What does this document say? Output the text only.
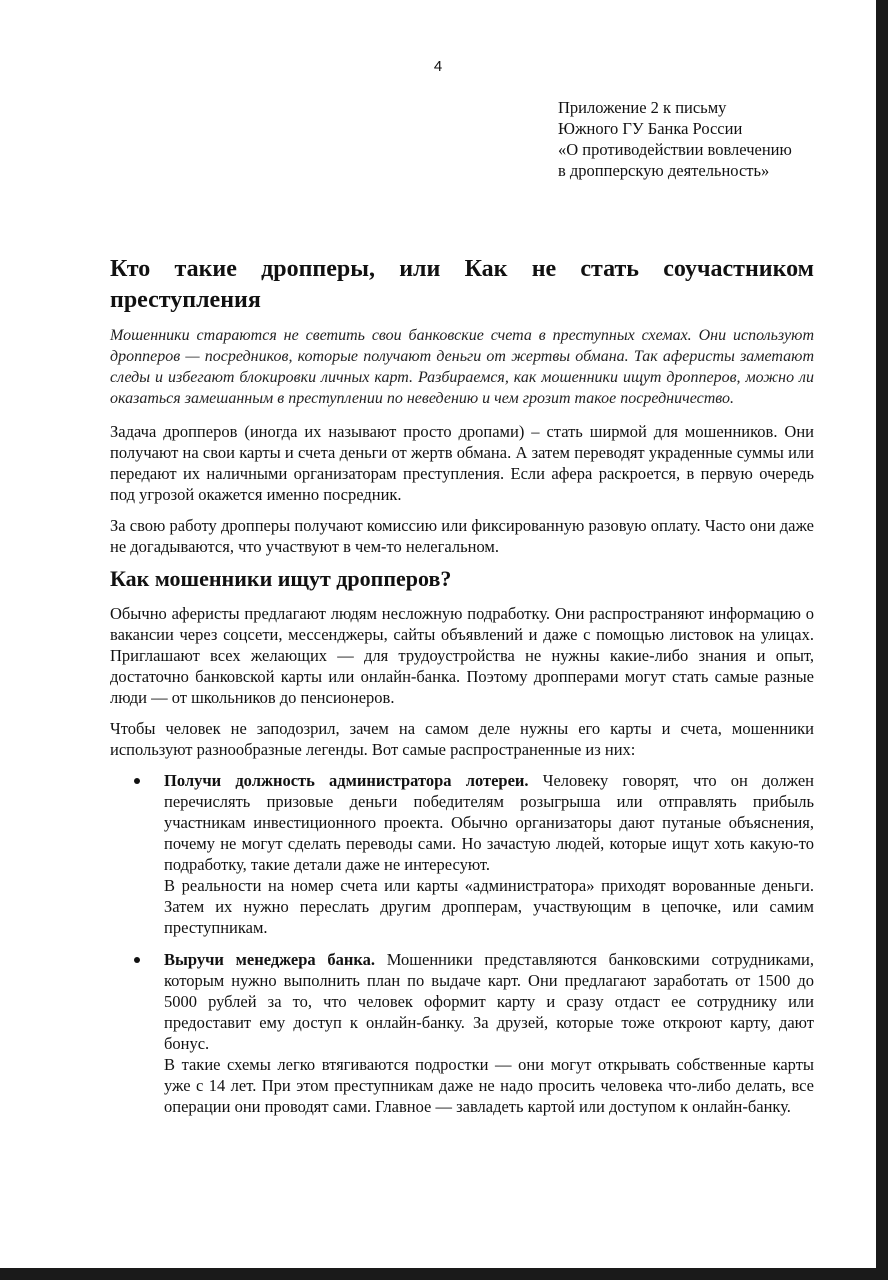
4
Приложение 2 к письму
Южного ГУ Банка России
«О противодействии вовлечению
в дропперскую деятельность»
Кто такие дропперы, или Как не стать соучастником преступления

Мошенники стараются не светить свои банковские счета в преступных схемах. Они используют дропперов — посредников, которые получают деньги от жертвы обмана. Так аферисты заметают следы и избегают блокировки личных карт. Разбираемся, как мошенники ищут дропперов, можно ли оказаться замешанным в преступлении по неведению и чем грозит такое посредничество.

Задача дропперов (иногда их называют просто дропами) – стать ширмой для мошенников. Они получают на свои карты и счета деньги от жертв обмана. А затем переводят украденные суммы или передают их наличными организаторам преступления. Если афера раскроется, в первую очередь под угрозой окажется именно посредник.

За свою работу дропперы получают комиссию или фиксированную разовую оплату. Часто они даже не догадываются, что участвуют в чем-то нелегальном.

Как мошенники ищут дропперов?

Обычно аферисты предлагают людям несложную подработку. Они распространяют информацию о вакансии через соцсети, мессенджеры, сайты объявлений и даже с помощью листовок на улицах. Приглашают всех желающих — для трудоустройства не нужны какие-либо знания и опыт, достаточно банковской карты или онлайн-банка. Поэтому дропперами могут стать самые разные люди — от школьников до пенсионеров.

Чтобы человек не заподозрил, зачем на самом деле нужны его карты и счета, мошенники используют разнообразные легенды. Вот самые распространенные из них:

Получи должность администратора лотереи. Человеку говорят, что он должен перечислять призовые деньги победителям розыгрыша или отправлять прибыль участникам инвестиционного проекта. Обычно организаторы дают путаные объяснения, почему не могут сделать переводы сами. Но зачастую людей, которые ищут хоть какую-то подработку, такие детали даже не интересуют.
В реальности на номер счета или карты «администратора» приходят ворованные деньги. Затем их нужно переслать другим дропперам, участвующим в цепочке, или самим преступникам.
Выручи менеджера банка. Мошенники представляются банковскими сотрудниками, которым нужно выполнить план по выдаче карт. Они предлагают заработать от 1500 до 5000 рублей за то, что человек оформит карту и сразу отдаст ее сотруднику или предоставит ему доступ к онлайн-банку. За друзей, которые тоже откроют карту, дают бонус.
В такие схемы легко втягиваются подростки — они могут открывать собственные карты уже с 14 лет. При этом преступникам даже не надо просить человека что-либо делать, все операции они проводят сами. Главное — завладеть картой или доступом к онлайн-банку.
